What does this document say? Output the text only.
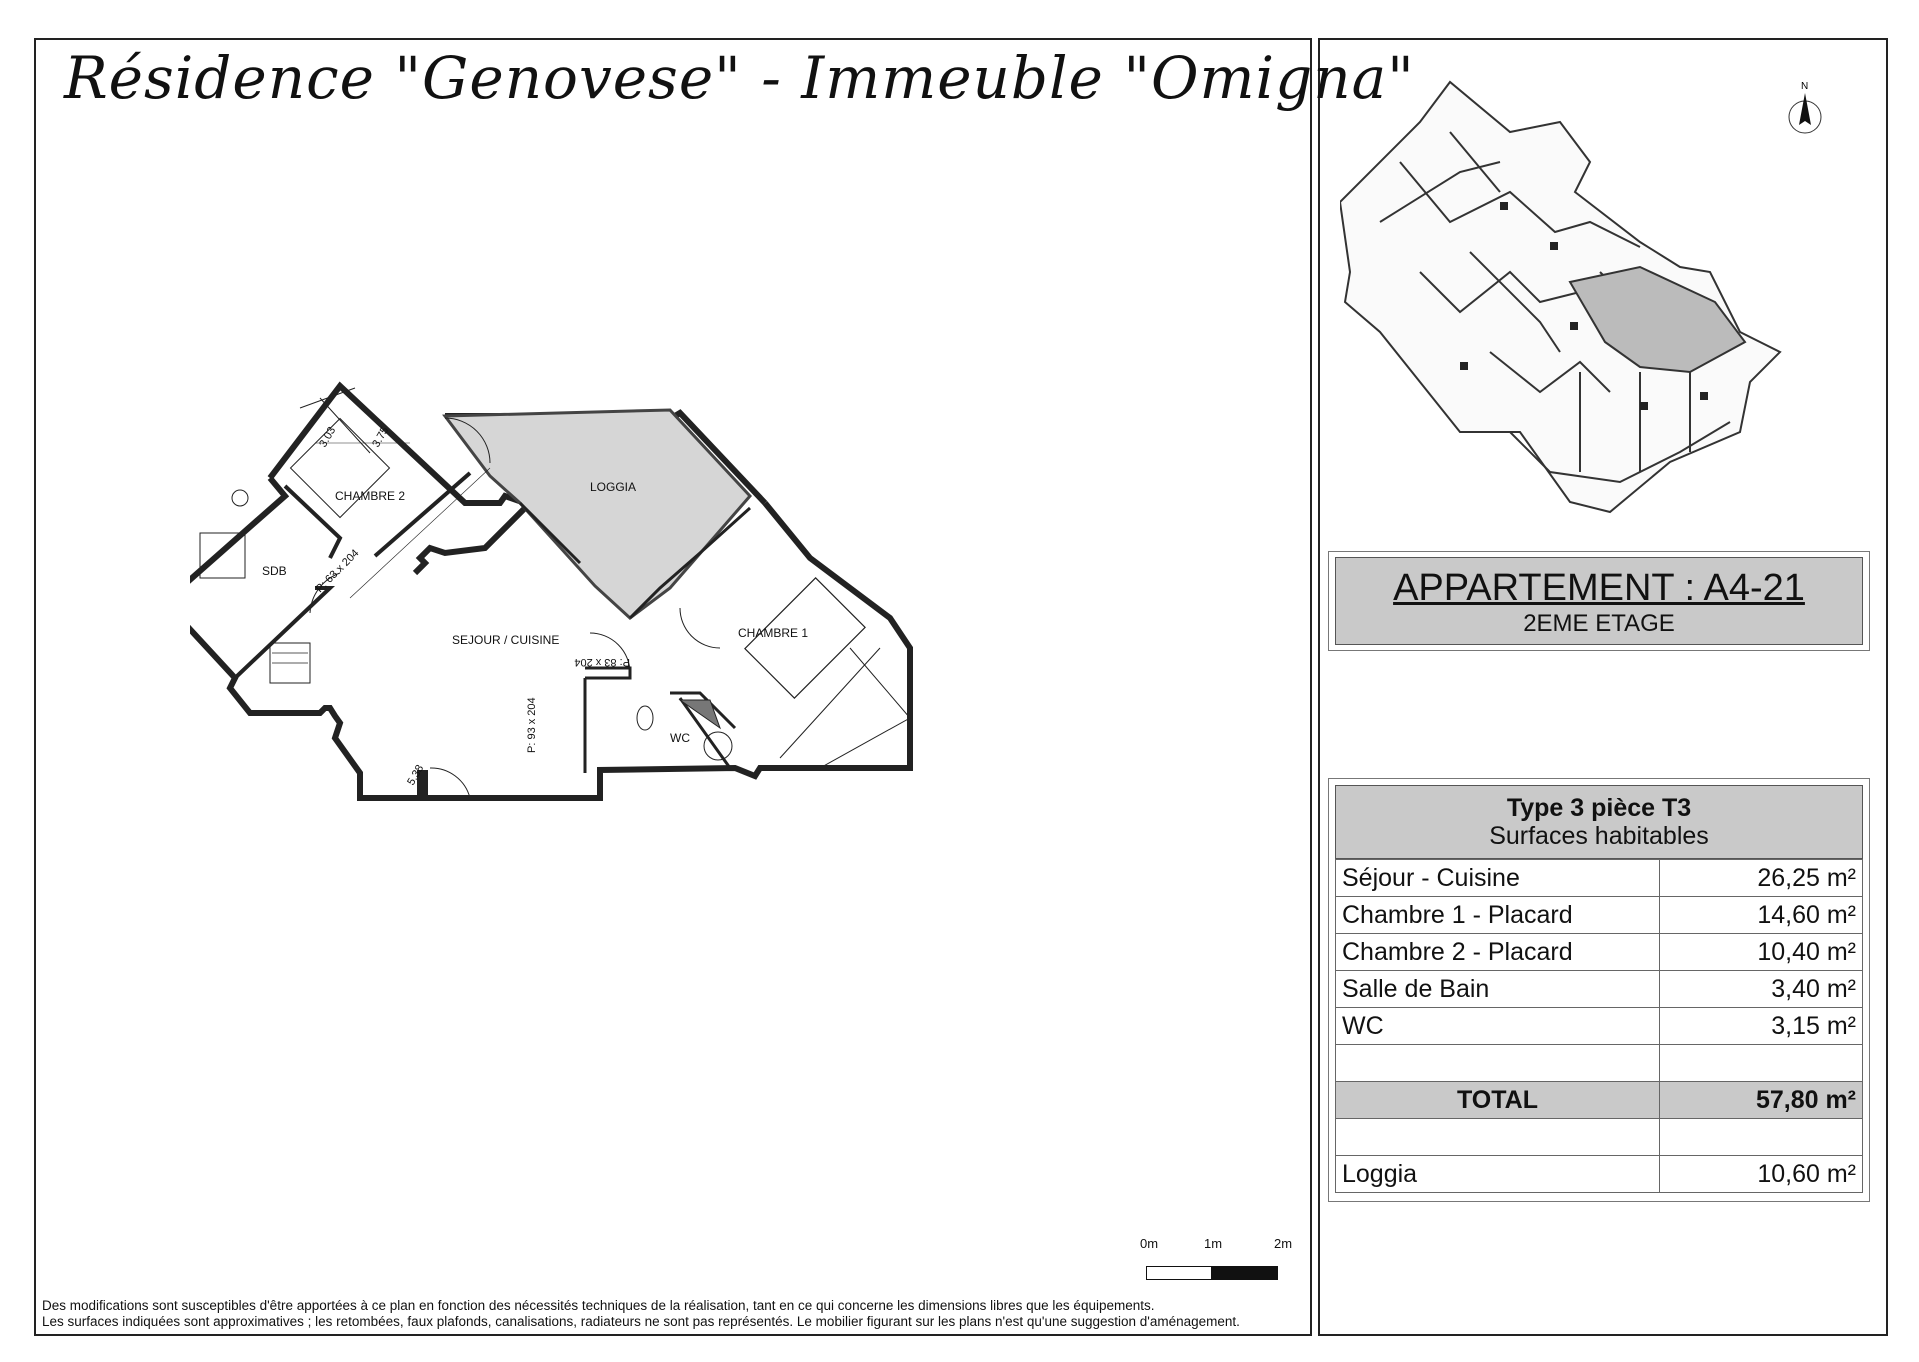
Résidence "Genovese" - Immeuble "Omigna"
CHAMBRE 2
LOGGIA
SDB
SEJOUR / CUISINE	CHAMBRE 1
WC
3.03	3.75
5.38
P: 83 x 204
P: 63 x 204
P: 93 x 204
0m	1m	2m
Des modifications sont susceptibles d'être apportées à ce plan en fonction des nécessités techniques de la réalisation, tant en ce qui concerne les dimensions libres que les équipements.
Les surfaces indiquées sont approximatives ; les retombées, faux plafonds, canalisations, radiateurs ne sont pas représentés. Le mobilier figurant sur les plans n'est qu'une suggestion d'aménagement.
N
APPARTEMENT : A4-21
2EME ETAGE
Type 3 pièce T3
Surfaces habitables
Séjour - Cuisine	26,25 m²
Chambre 1 - Placard	14,60 m²
Chambre 2 - Placard	10,40 m²
Salle de Bain	3,40 m²
WC	3,15 m²

TOTAL	57,80 m²

Loggia	10,60 m²
